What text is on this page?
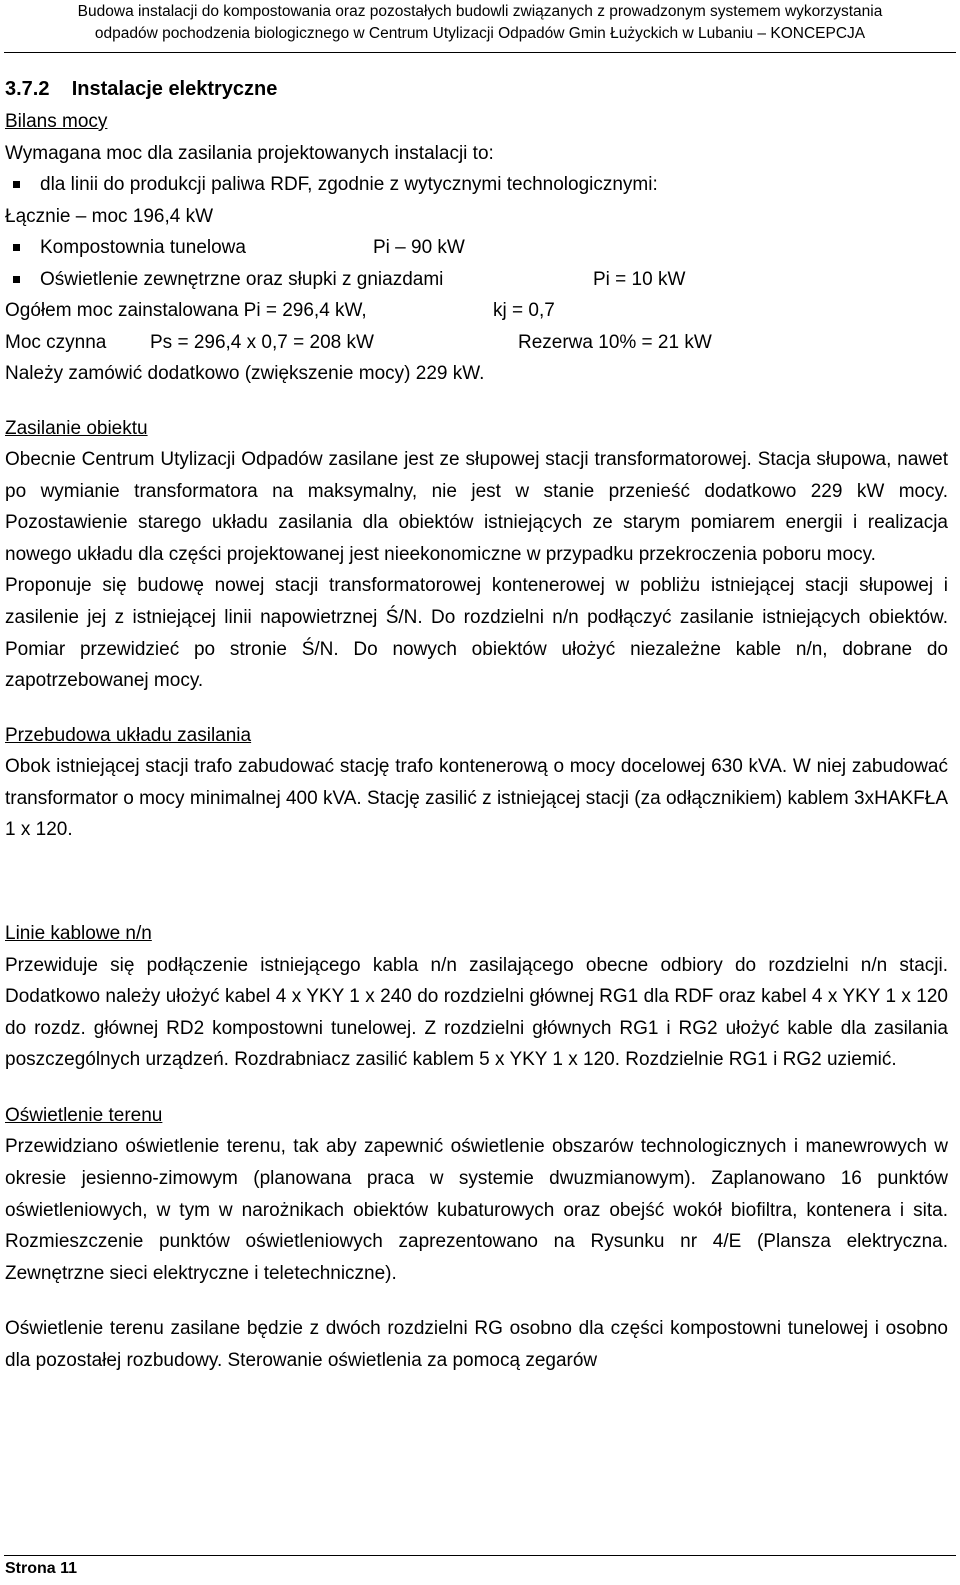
Budowa instalacji do kompostowania oraz pozostałych budowli związanych z prowadzonym systemem wykorzystania
odpadów pochodzenia biologicznego w Centrum Utylizacji Odpadów Gmin Łużyckich w Lubaniu – KONCEPCJA
3.7.2 Instalacje elektryczne
Bilans mocy
Wymagana moc dla zasilania projektowanych instalacji to:
dla linii do produkcji paliwa RDF, zgodnie z wytycznymi technologicznymi:
Łącznie – moc 196,4 kW
Kompostownia tunelowa	Pi – 90 kW
Oświetlenie zewnętrzne oraz słupki z gniazdami	Pi = 10 kW
Ogółem moc zainstalowana Pi = 296,4 kW,	kj = 0,7
Moc czynna Ps = 296,4 x 0,7 = 208 kW	Rezerwa 10% = 21 kW
Należy zamówić dodatkowo (zwiększenie mocy) 229 kW.
Zasilanie obiektu
Obecnie Centrum Utylizacji Odpadów zasilane jest ze słupowej stacji transformatorowej. Stacja słupowa, nawet po wymianie transformatora na maksymalny, nie jest w stanie przenieść dodatkowo 229 kW mocy. Pozostawienie starego układu zasilania dla obiektów istniejących ze starym pomiarem energii i realizacja nowego układu dla części projektowanej jest nieekonomiczne w przypadku przekroczenia poboru mocy.
Proponuje się budowę nowej stacji transformatorowej kontenerowej w pobliżu istniejącej stacji słupowej i zasilenie jej z istniejącej linii napowietrznej Ś/N. Do rozdzielni n/n podłączyć zasilanie istniejących obiektów. Pomiar przewidzieć po stronie Ś/N. Do nowych obiektów ułożyć niezależne kable n/n, dobrane do zapotrzebowanej mocy.
Przebudowa układu zasilania
Obok istniejącej stacji trafo zabudować stację trafo kontenerową o mocy docelowej 630 kVA. W niej zabudować transformator o mocy minimalnej 400 kVA. Stację zasilić z istniejącej stacji (za odłącznikiem) kablem 3xHAKFŁA 1 x 120.
Linie kablowe n/n
Przewiduje się podłączenie istniejącego kabla n/n zasilającego obecne odbiory do rozdzielni n/n stacji. Dodatkowo należy ułożyć kabel 4 x YKY 1 x 240 do rozdzielni głównej RG1 dla RDF oraz kabel 4 x YKY 1 x 120 do rozdz. głównej RD2 kompostowni tunelowej. Z rozdzielni głównych RG1 i RG2 ułożyć kable dla zasilania poszczególnych urządzeń. Rozdrabniacz zasilić kablem 5 x YKY 1 x 120. Rozdzielnie RG1 i RG2 uziemić.
Oświetlenie terenu
Przewidziano oświetlenie terenu, tak aby zapewnić oświetlenie obszarów technologicznych i manewrowych w okresie jesienno-zimowym (planowana praca w systemie dwuzmianowym). Zaplanowano 16 punktów oświetleniowych, w tym w narożnikach obiektów kubaturowych oraz obejść wokół biofiltra, kontenera i sita. Rozmieszczenie punktów oświetleniowych zaprezentowano na Rysunku nr 4/E (Plansza elektryczna. Zewnętrzne sieci elektryczne i teletechniczne).
Oświetlenie terenu zasilane będzie z dwóch rozdzielni RG osobno dla części kompostowni tunelowej i osobno dla pozostałej rozbudowy. Sterowanie oświetlenia za pomocą zegarów
Strona 11
